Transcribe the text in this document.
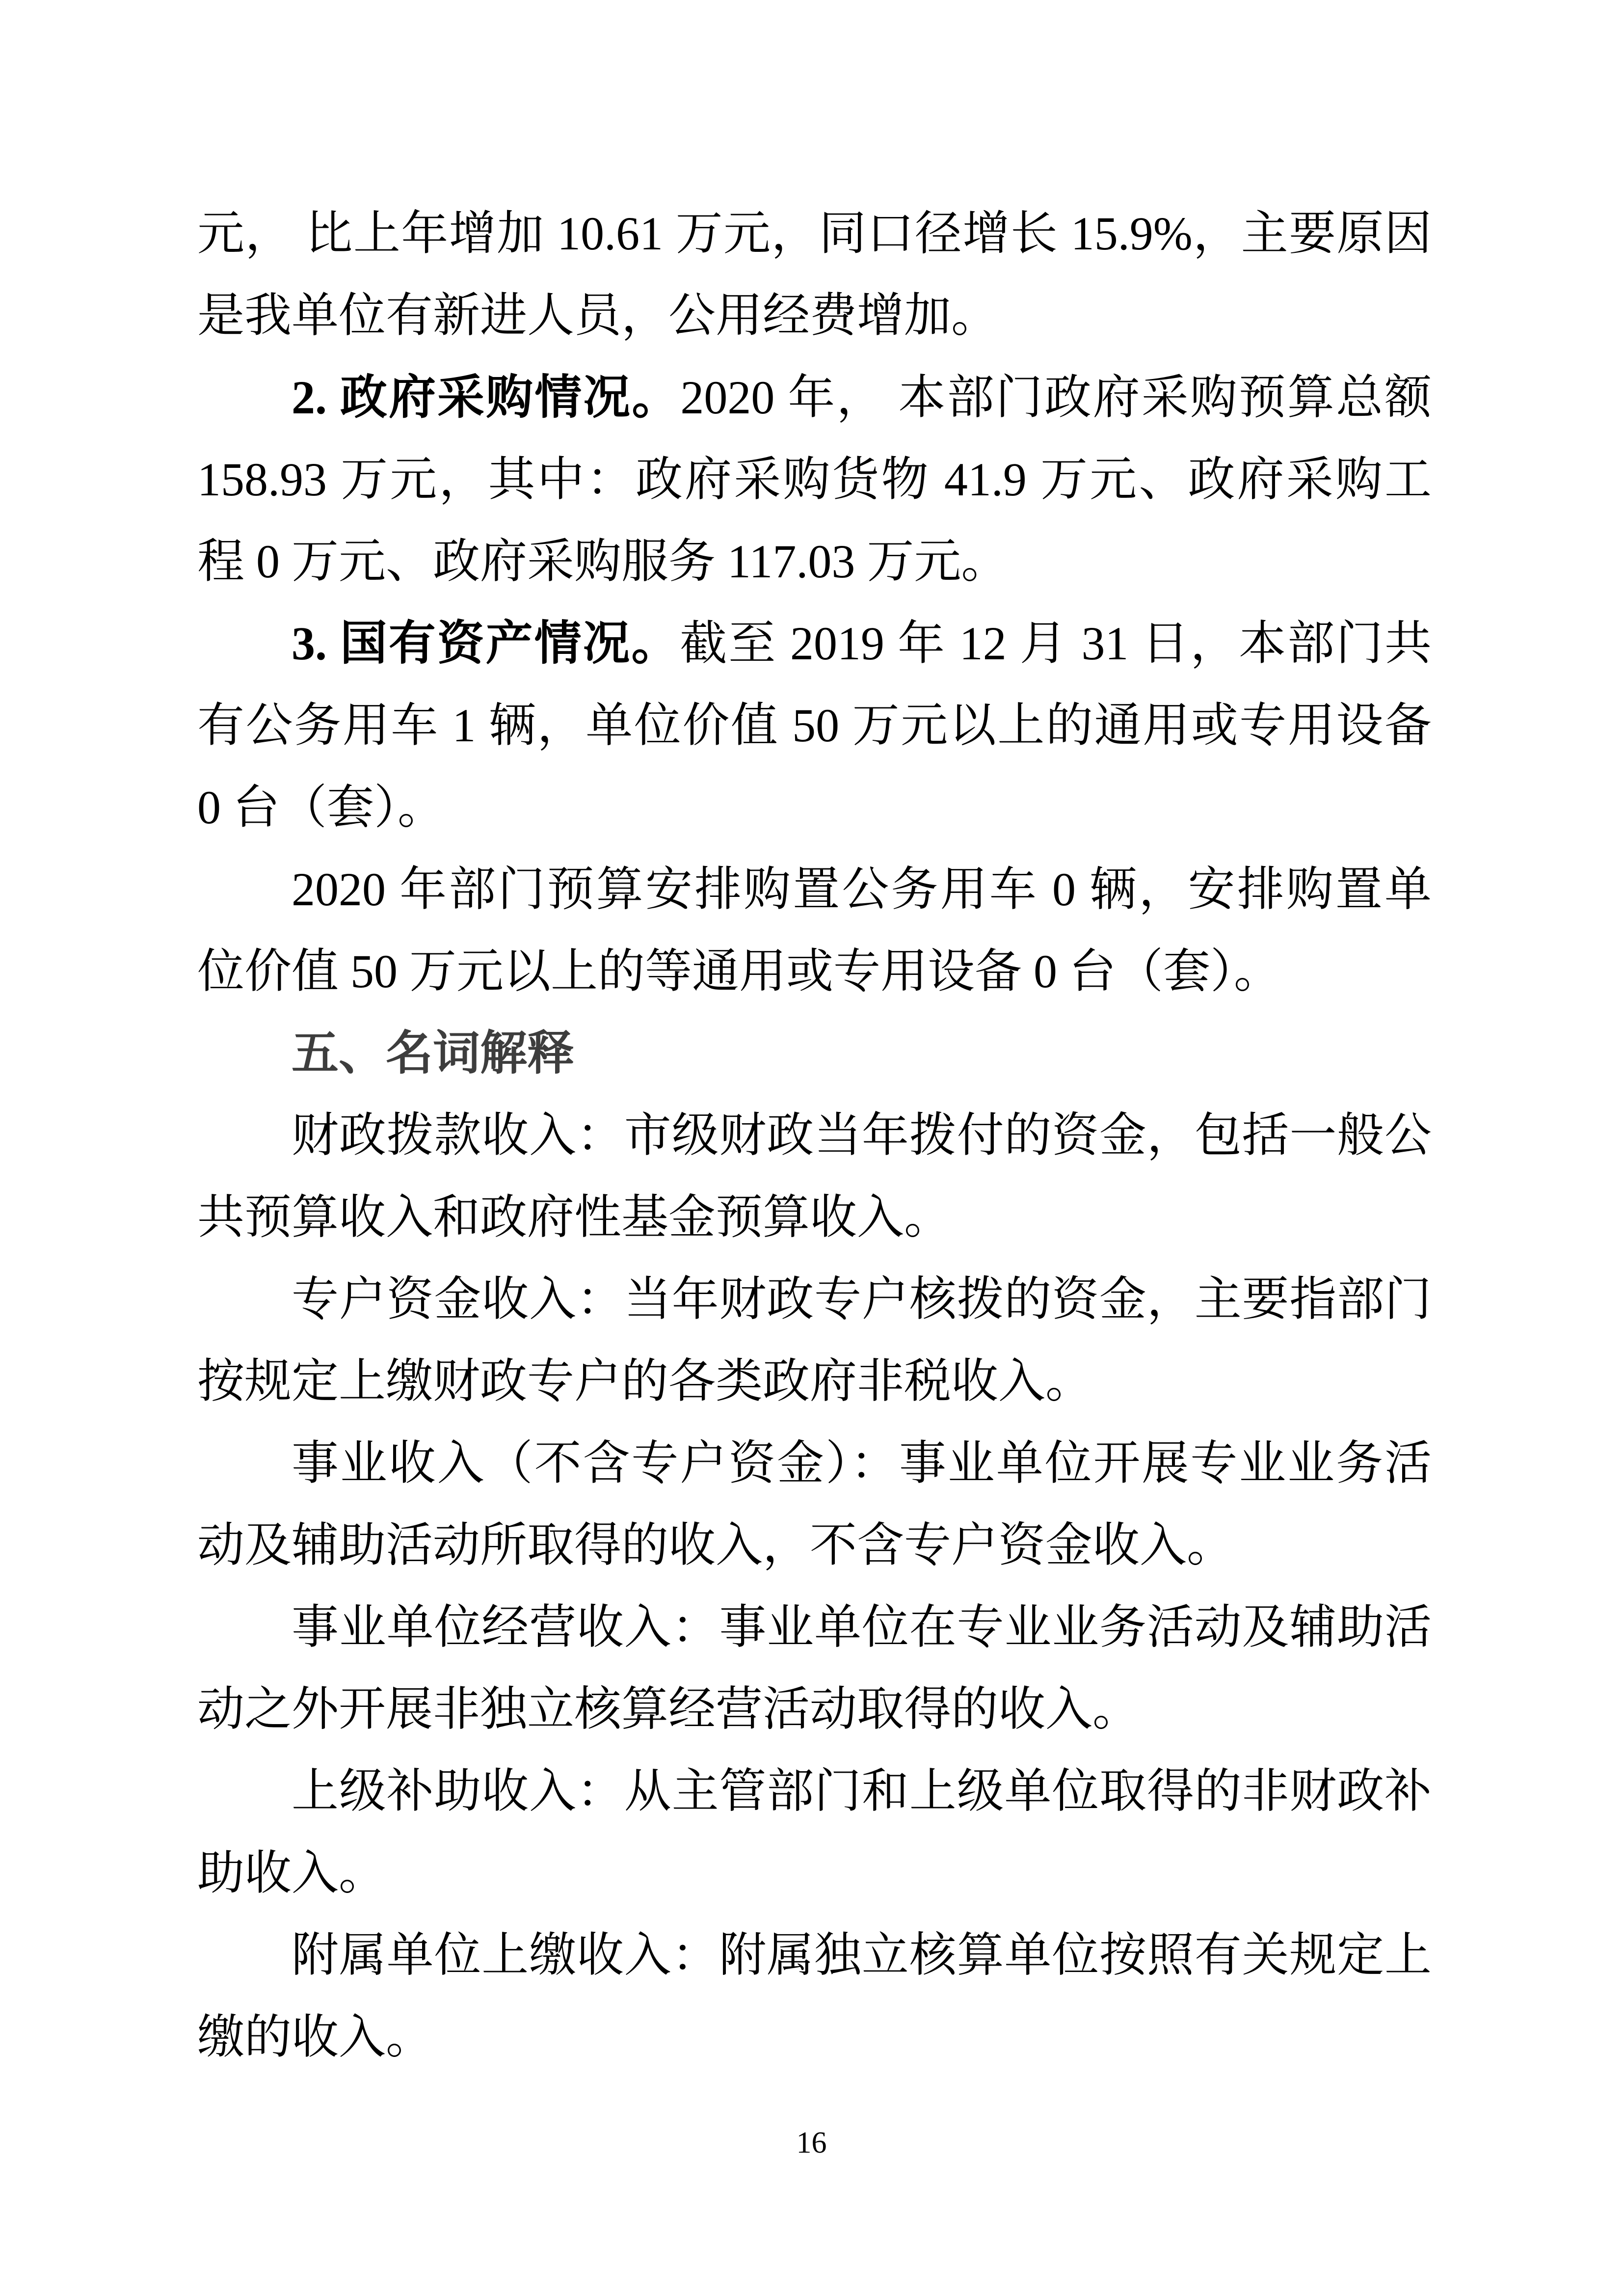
元， 比上年增加 10.61 万元，同口径增长 15.9%，主要原因是我单位有新进人员，公用经费增加。
2. 政府采购情况。2020 年， 本部门政府采购预算总额 158.93 万元，其中：政府采购货物 41.9 万元、政府采购工程 0 万元、政府采购服务 117.03 万元。
3. 国有资产情况。截至 2019 年 12 月 31 日，本部门共有公务用车 1 辆，单位价值 50 万元以上的通用或专用设备 0 台（套）。
2020 年部门预算安排购置公务用车 0 辆，安排购置单位价值 50 万元以上的等通用或专用设备 0 台（套）。
五、名词解释
财政拨款收入：市级财政当年拨付的资金，包括一般公共预算收入和政府性基金预算收入。
专户资金收入：当年财政专户核拨的资金，主要指部门按规定上缴财政专户的各类政府非税收入。
事业收入（不含专户资金）：事业单位开展专业业务活动及辅助活动所取得的收入，不含专户资金收入。
事业单位经营收入：事业单位在专业业务活动及辅助活动之外开展非独立核算经营活动取得的收入。
上级补助收入：从主管部门和上级单位取得的非财政补助收入。
附属单位上缴收入：附属独立核算单位按照有关规定上缴的收入。
16
